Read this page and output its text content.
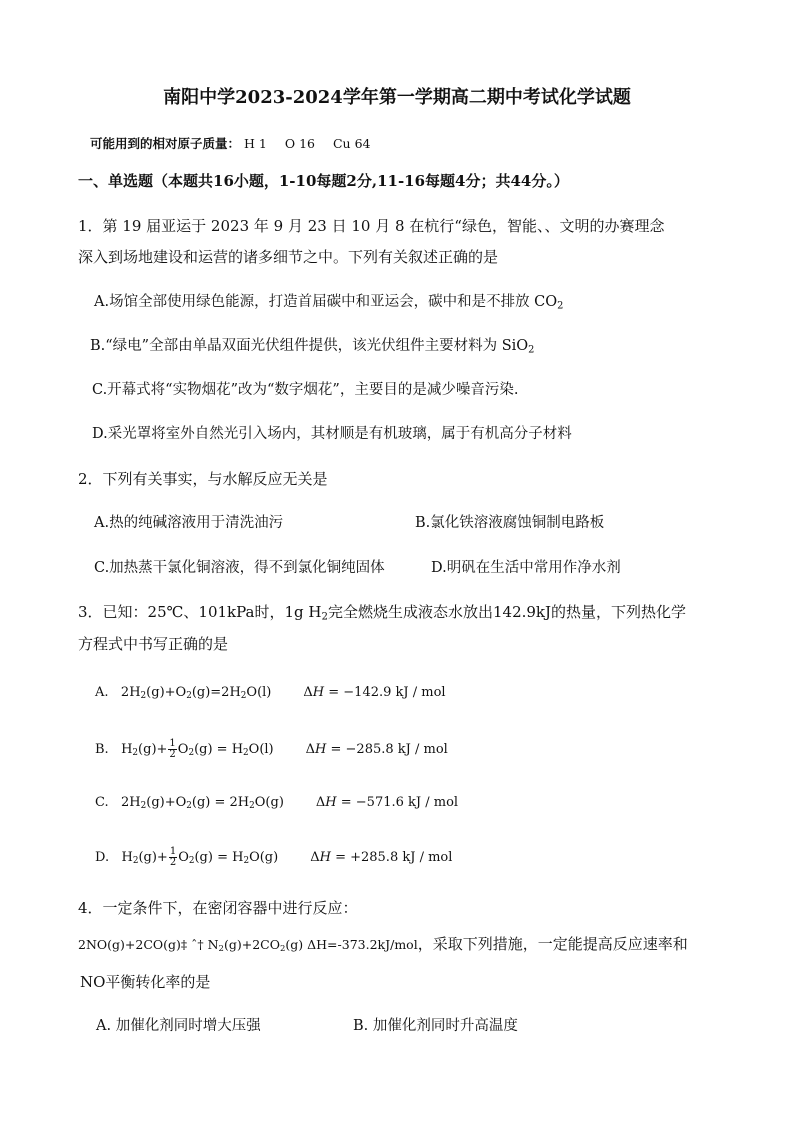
南阳中学2023-2024学年第一学期高二期中考试化学试题
可能用到的相对原子质量： H 1 O 16 Cu 64
一、单选题（本题共16小题，1-10每题2分,11-16每题4分；共44分。）
1．第 19 届亚运于 2023 年 9 月 23 日 10 月 8 在杭行“绿色，智能、、文明的办赛理念
深入到场地建设和运营的诸多细节之中。下列有关叙述正确的是
A.场馆全部使用绿色能源，打造首届碳中和亚运会，碳中和是不排放 $CO_2$
B.“绿电”全部由单晶双面光伏组件提供，该光伏组件主要材料为 SiO$_2$
C.开幕式将“实物烟花”改为“数字烟花”，主要目的是减少噪音污染.
D.采光罩将室外自然光引入场内，其材顺是有机玻璃，属于有机高分子材料
2．下列有关事实，与水解反应无关是
A.热的纯碱溶液用于清洗油污	B.氯化铁溶液腐蚀铜制电路板
C.加热蒸干氯化铜溶液，得不到氯化铜纯固体	D.明矾在生活中常用作净水剂
3．已知：25℃、101kPa时，1g $H_2$完全燃烧生成液态水放出142.9kJ的热量，下列热化学
方程式中书写正确的是
A.   $2H_2(g)+O_2(g)=2H_2O(l) \Delta H = -142.9$ kJ / mol
B.   $H_2(g)+ \frac{1}{2} O_2(g) = H_2O(l) \Delta H = -285.8$ kJ / mol
C.   $2H_2(g)+O_2(g) = 2H_2O(g) \Delta H = -571.6$ kJ / mol
D.   $H_2(g)+ \frac{1}{2} O_2(g) = H_2O(g) \Delta H = +285.8$ kJ / mol
4．一定条件下，在密闭容器中进行反应：
2NO(g)+2CO(g)‡ ˆ† $N_2(g)+2CO_2(g)$ ΔH=-373.2kJ/mol，采取下列措施，一定能提高反应速率和
NO平衡转化率的是
A. 加催化剂同时增大压强	B. 加催化剂同时升高温度
